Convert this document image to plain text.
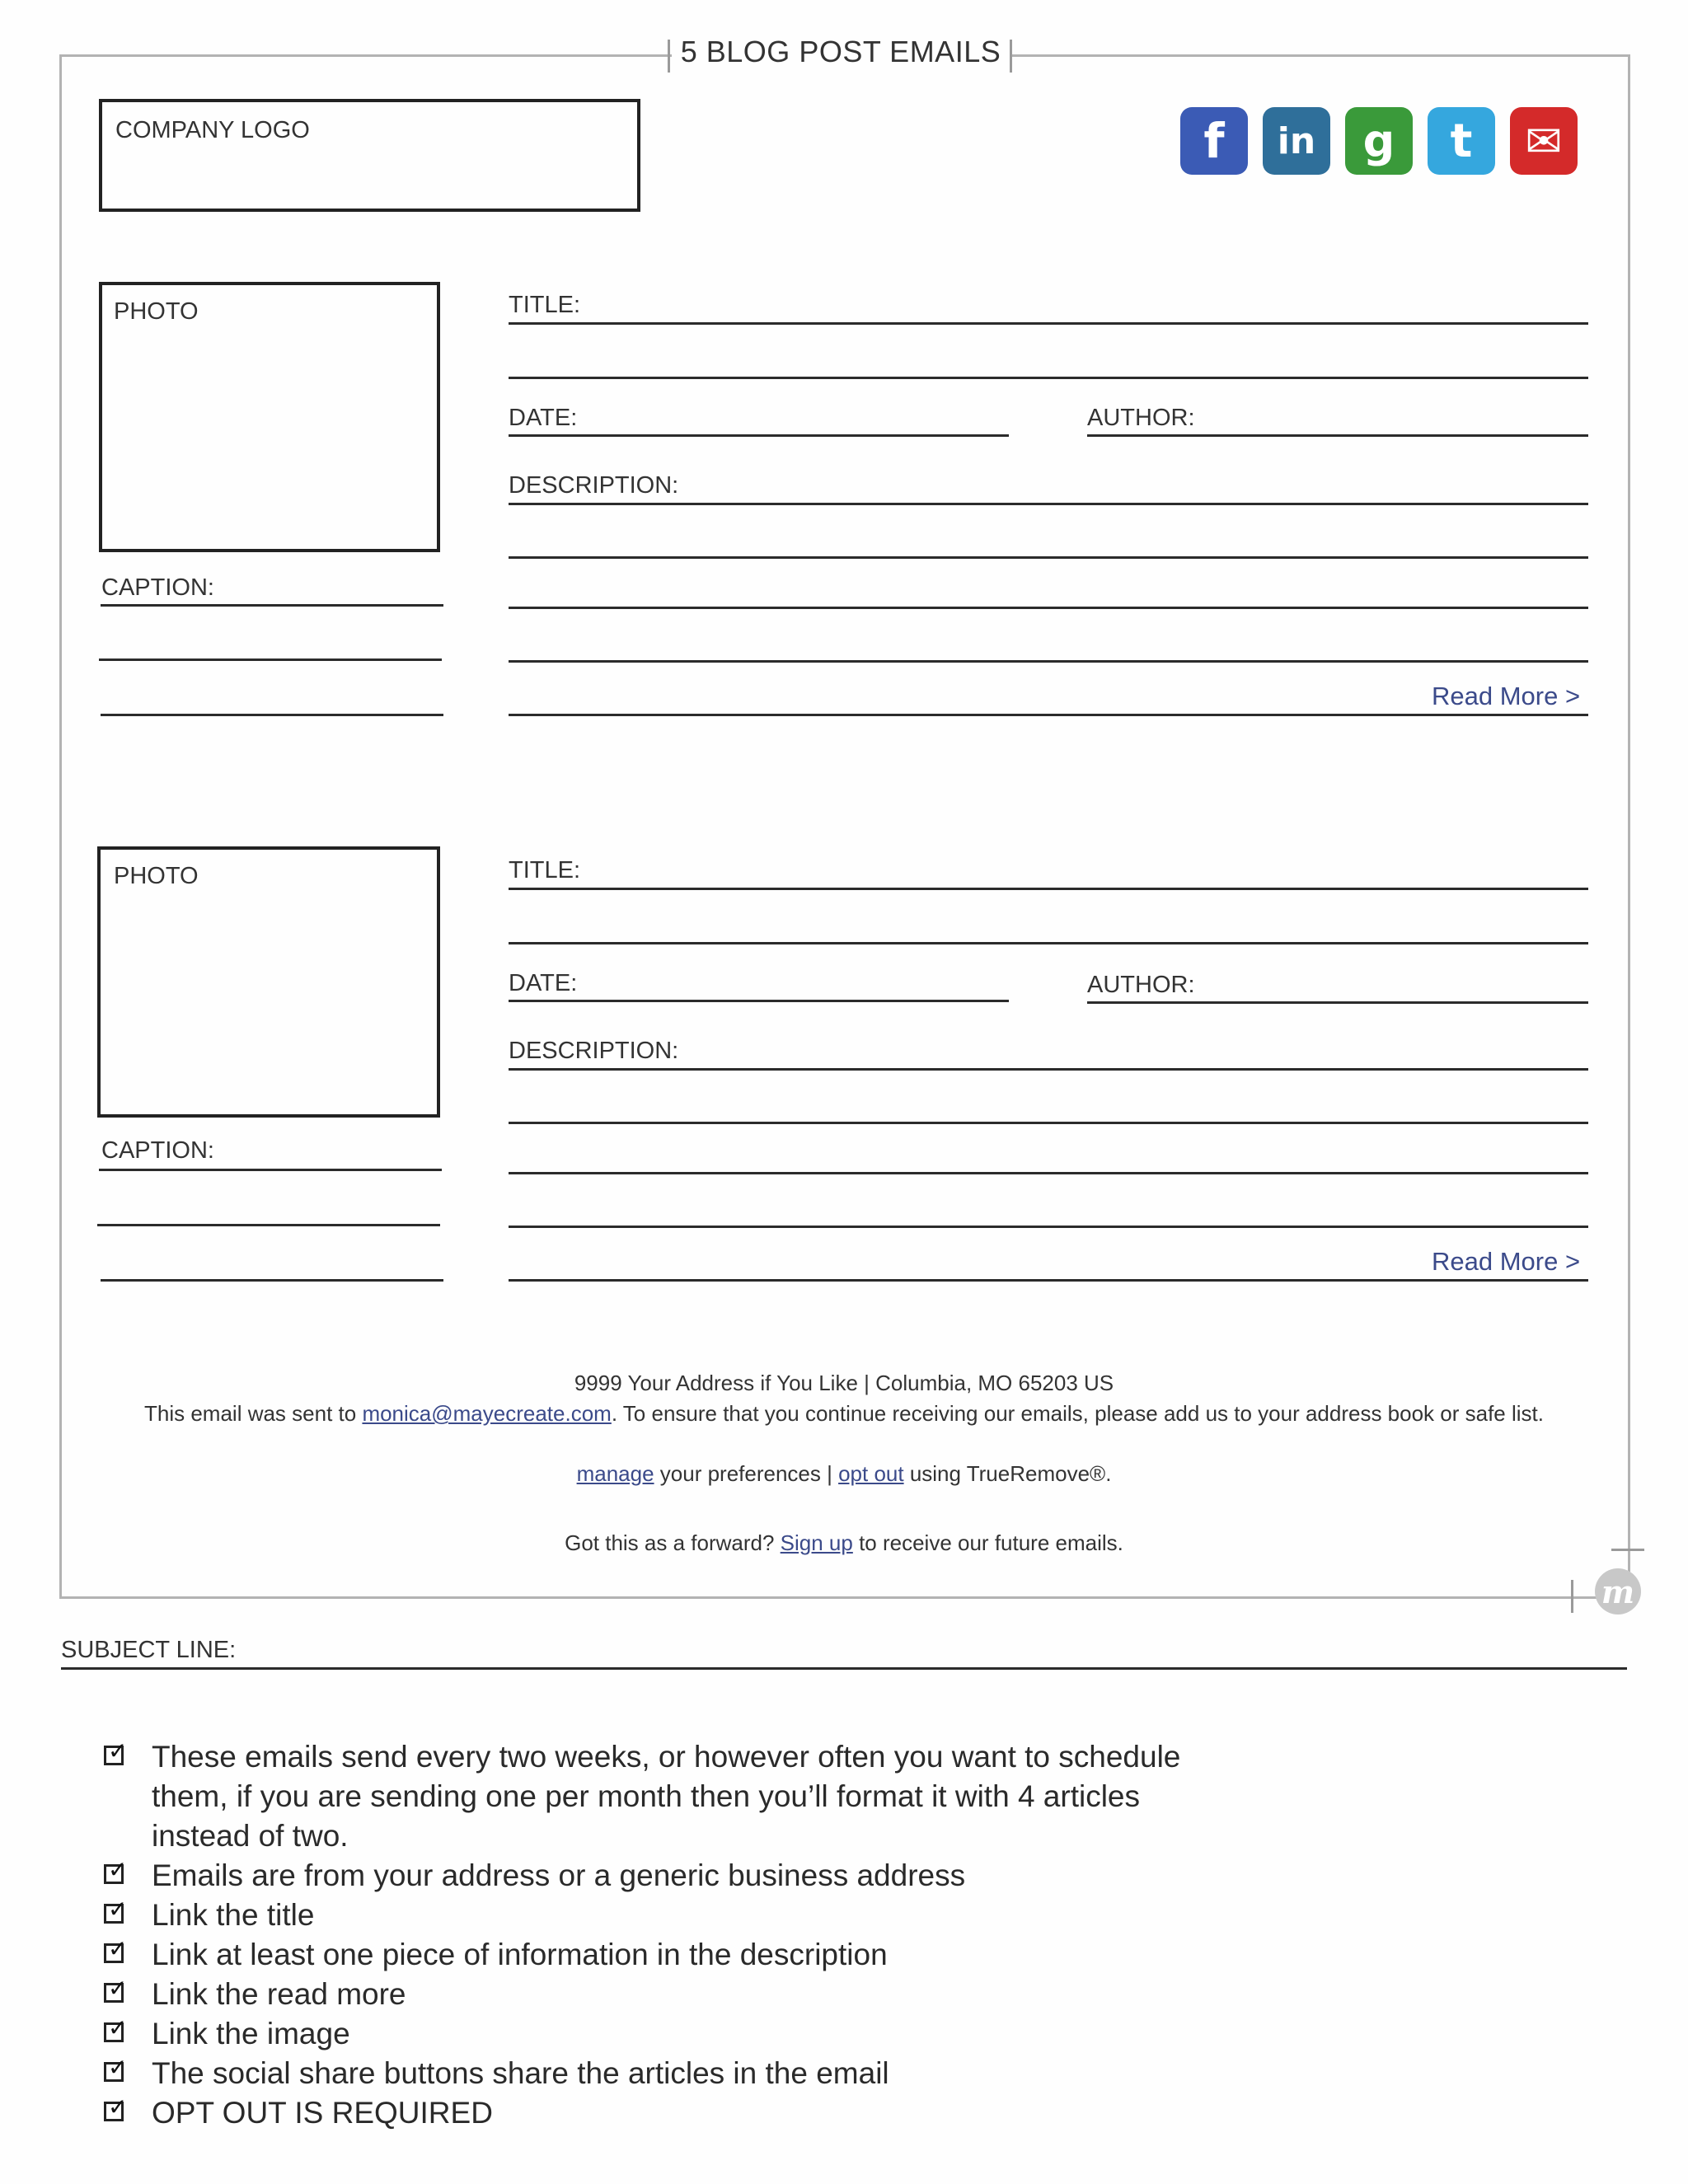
5 BLOG POST EMAILS
m
COMPANY LOGO	f	in	g	t	✉
PHOTO
CAPTION:
TITLE:
DATE:	AUTHOR:
DESCRIPTION:
Read More >
PHOTO
CAPTION:
TITLE:
DATE:	AUTHOR:
DESCRIPTION:
Read More >
9999 Your Address if You Like | Columbia, MO 65203 US
This email was sent to monica@mayecreate.com. To ensure that you continue receiving our emails, please add us to your address book or safe list.
manage your preferences | opt out using TrueRemove®.
Got this as a forward? Sign up to receive our future emails.
SUBJECT LINE:
✓ These emails send every two weeks, or however often you want to schedule them, if you are sending one per month then you’ll format it with 4 articles instead of two.
✓ Emails are from your address or a generic business address
✓ Link the title
✓ Link at least one piece of information in the description
✓ Link the read more
✓ Link the image
✓ The social share buttons share the articles in the email
✓ OPT OUT IS REQUIRED
